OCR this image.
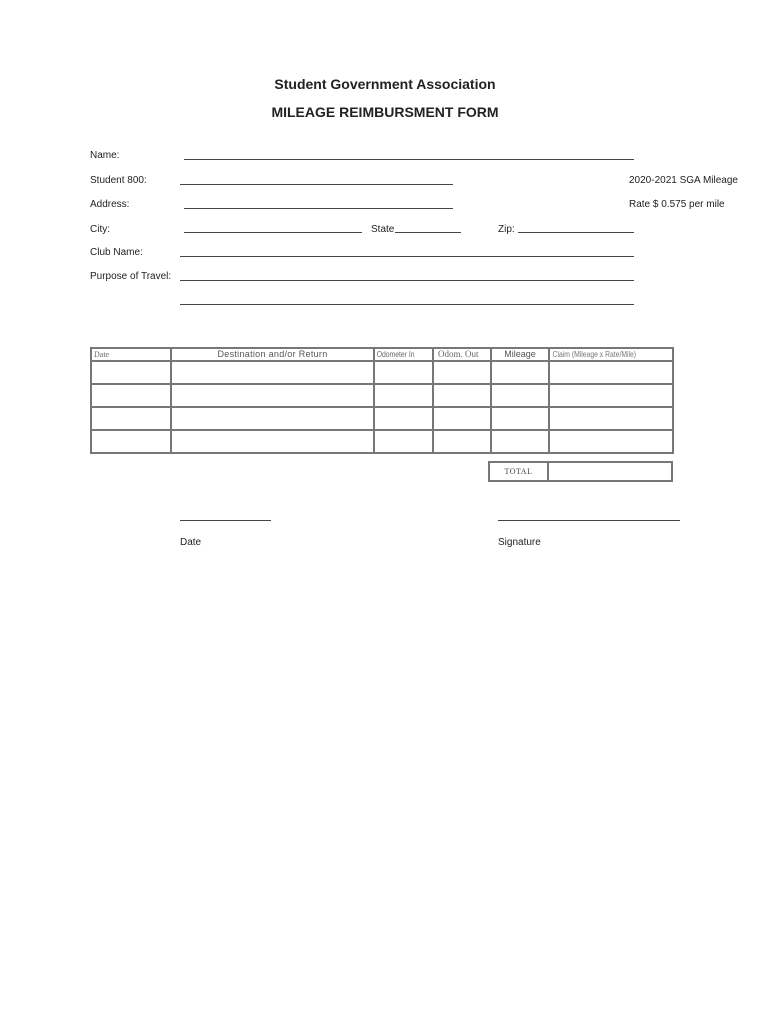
Student Government Association
MILEAGE REIMBURSMENT FORM
Name:
Student 800:	2020-2021 SGA Mileage
Address:	Rate $ 0.575 per mile
City:	State	Zip:
Club Name:
Purpose of Travel:
Date	Destination and/or Return	Odometer In	Odom. Out	Mileage	Claim (Mileage x Rate/Mile)

TOTAL	
Date	Signature
